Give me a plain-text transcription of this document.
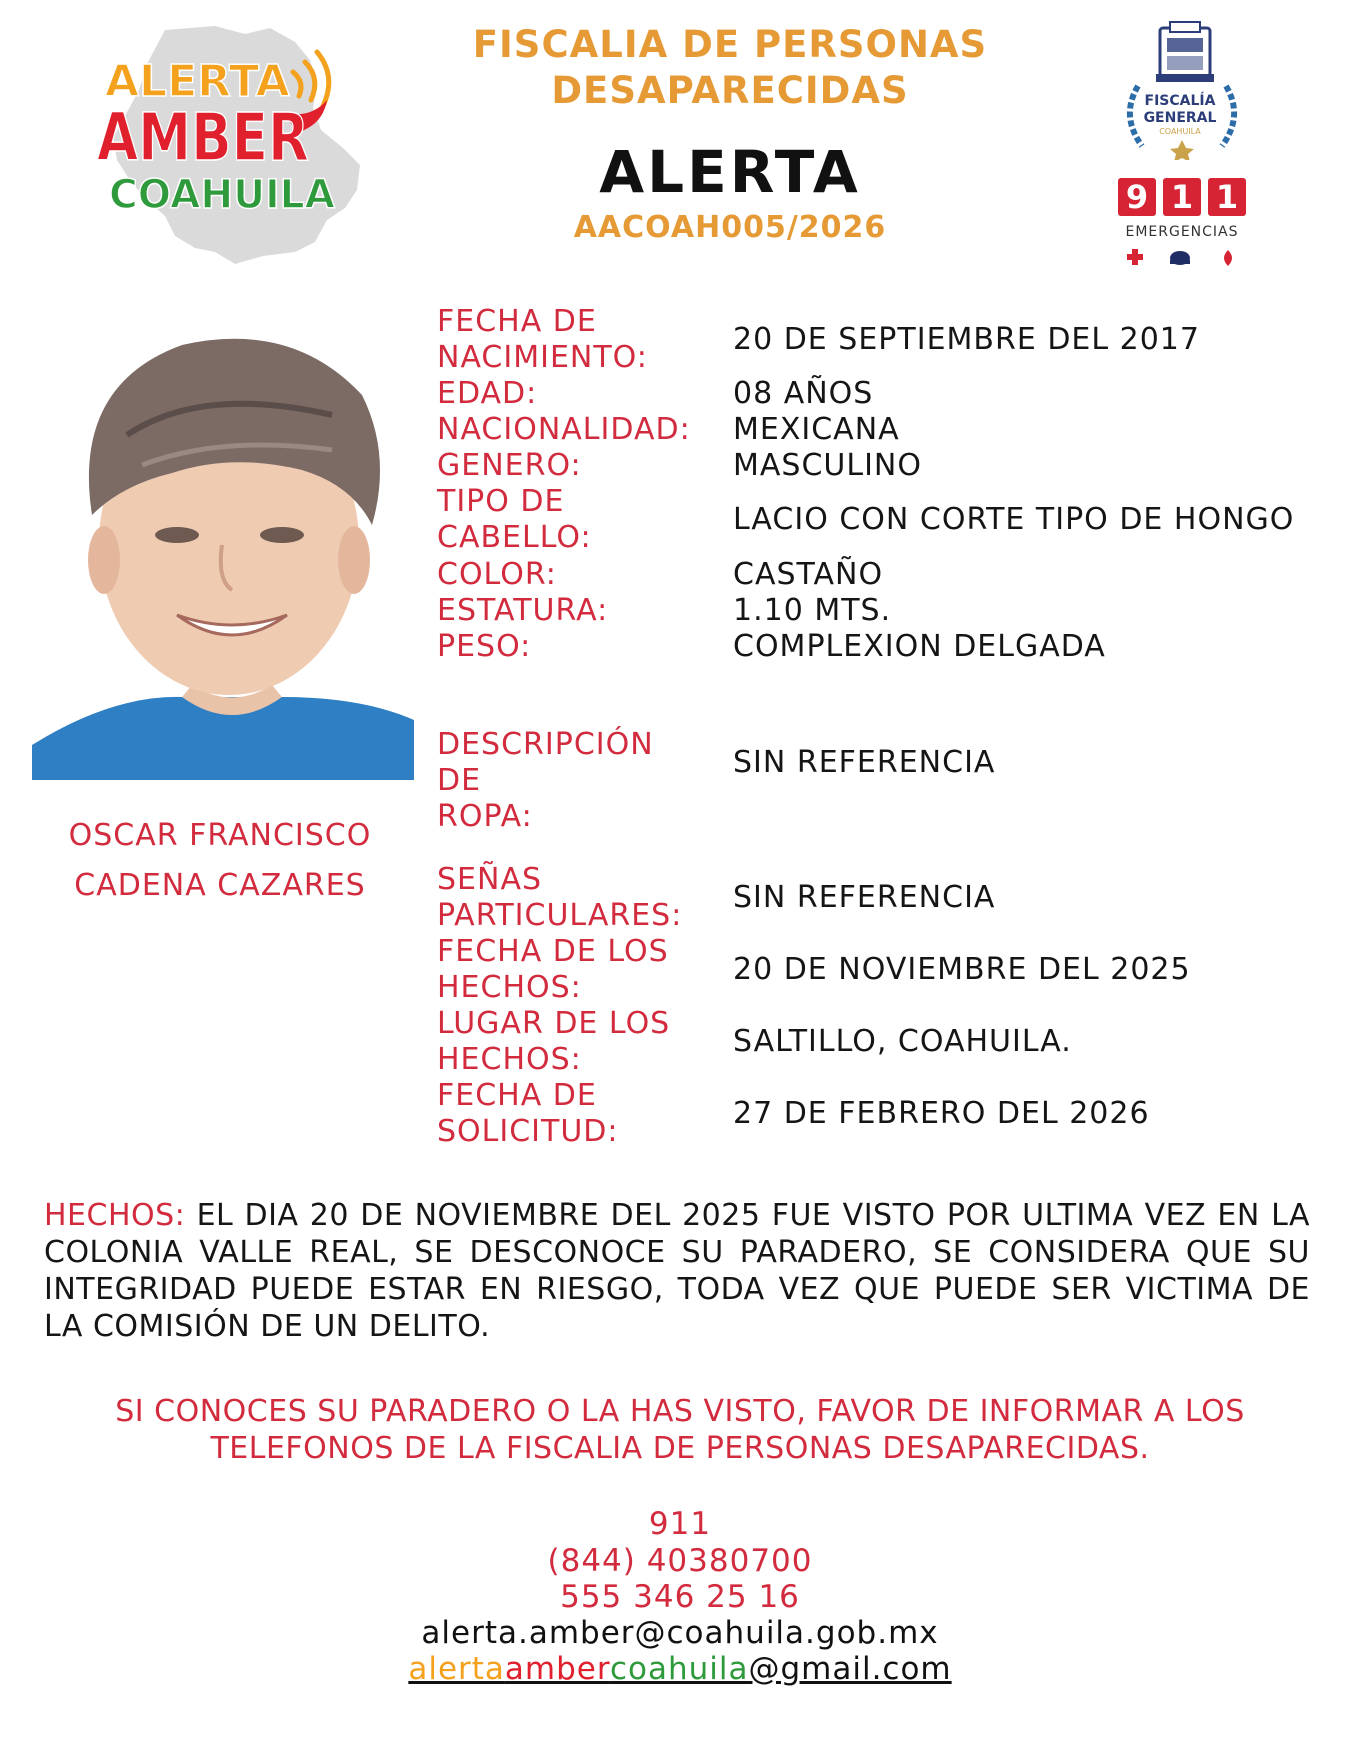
ALERTA
AMBER
COAHUILA
FISCALIA DE PERSONAS
DESAPARECIDAS
ALERTA
AACOAH005/2026
FISCALÍA
GENERAL
COAHUILA
9 1 1
EMERGENCIAS
OSCAR FRANCISCO
CADENA CAZARES
FECHA DE
NACIMIENTO:
20 DE SEPTIEMBRE DEL 2017
EDAD:	08 AÑOS
NACIONALIDAD:	MEXICANA
GENERO:	MASCULINO
TIPO DE
CABELLO:
LACIO CON CORTE TIPO DE HONGO
COLOR:	CASTAÑO
ESTATURA:	1.10 MTS.
PESO:	COMPLEXION DELGADA
DESCRIPCIÓN DE
ROPA:
SIN REFERENCIA
SEÑAS
PARTICULARES:
SIN REFERENCIA
FECHA DE LOS
HECHOS:
20 DE NOVIEMBRE DEL 2025
LUGAR DE LOS
HECHOS:
SALTILLO, COAHUILA.
FECHA DE
SOLICITUD:
27 DE FEBRERO DEL 2026
HECHOS: EL DIA 20 DE NOVIEMBRE DEL 2025 FUE VISTO POR ULTIMA VEZ EN LA COLONIA VALLE REAL, SE DESCONOCE SU PARADERO, SE CONSIDERA QUE SU INTEGRIDAD PUEDE ESTAR EN RIESGO, TODA VEZ QUE PUEDE SER VICTIMA DE LA COMISIÓN DE UN DELITO.
SI CONOCES SU PARADERO O LA HAS VISTO, FAVOR DE INFORMAR A LOS
TELEFONOS DE LA FISCALIA DE PERSONAS DESAPARECIDAS.
911
(844) 40380700
555 346 25 16
alerta.amber@coahuila.gob.mx
alertaambercoahuila@gmail.com
